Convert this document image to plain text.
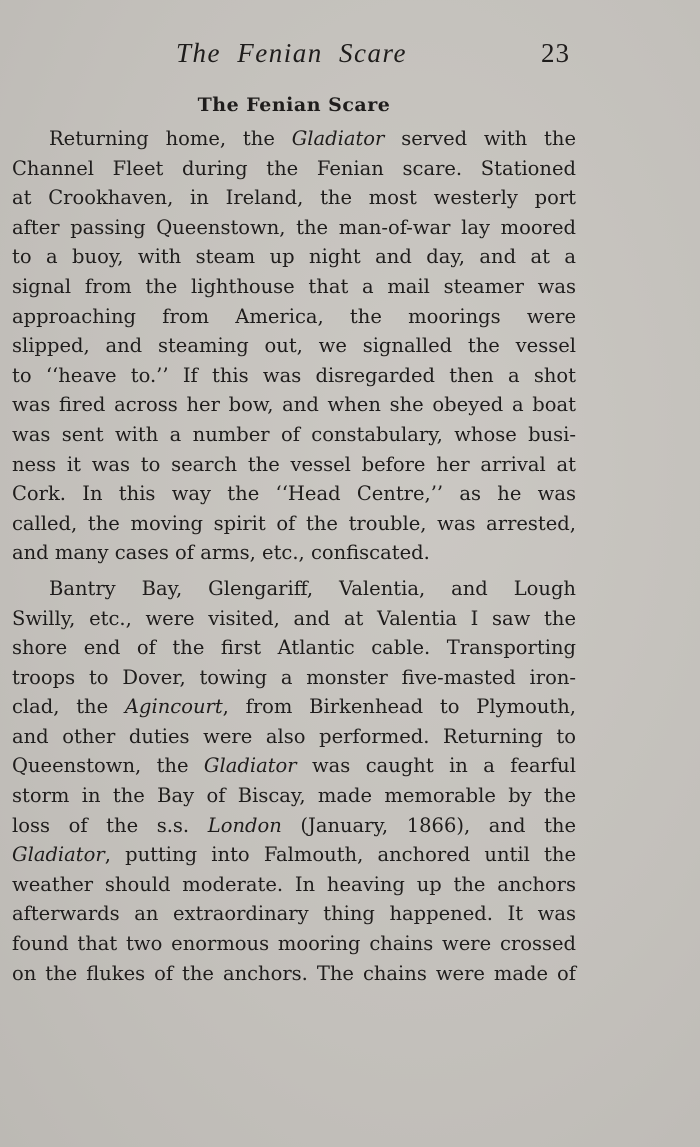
The Fenian Scare	23
The Fenian Scare
Returning home, the Gladiator served with the
Channel Fleet during the Fenian scare. Stationed
at Crookhaven, in Ireland, the most westerly port
after passing Queenstown, the man-of-war lay moored
to a buoy, with steam up night and day, and at a
signal from the lighthouse that a mail steamer was
approaching from America, the moorings were
slipped, and steaming out, we signalled the vessel
to ‘‘heave to.’’ If this was disregarded then a shot
was fired across her bow, and when she obeyed a boat
was sent with a number of constabulary, whose busi-
ness it was to search the vessel before her arrival at
Cork. In this way the ‘‘Head Centre,’’ as he was
called, the moving spirit of the trouble, was arrested,
and many cases of arms, etc., confiscated.
Bantry Bay, Glengariff, Valentia, and Lough
Swilly, etc., were visited, and at Valentia I saw the
shore end of the first Atlantic cable. Transporting
troops to Dover, towing a monster five-masted iron-
clad, the Agincourt, from Birkenhead to Plymouth,
and other duties were also performed. Returning to
Queenstown, the Gladiator was caught in a fearful
storm in the Bay of Biscay, made memorable by the
loss of the s.s. London (January, 1866), and the
Gladiator, putting into Falmouth, anchored until the
weather should moderate. In heaving up the anchors
afterwards an extraordinary thing happened. It was
found that two enormous mooring chains were crossed
on the flukes of the anchors. The chains were made of
